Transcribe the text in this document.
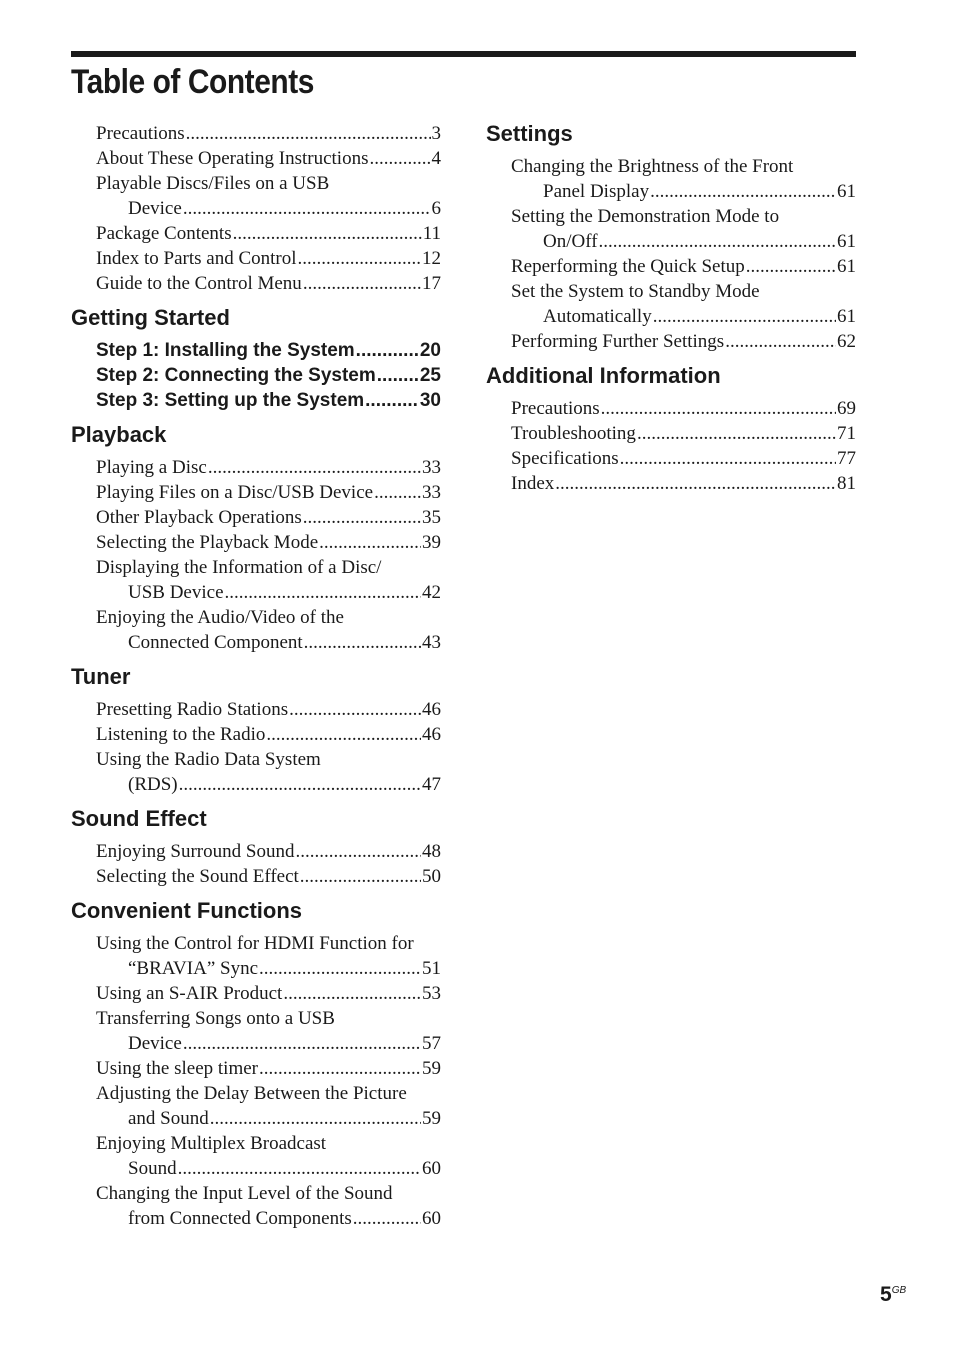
Table of Contents
Precautions .....	3
About These Operating Instructions .....	4
Playable Discs/Files on a USB
Device .....	6
Package Contents .....	11
Index to Parts and Control .....	12
Guide to the Control Menu .....	17
Getting Started
Step 1: Installing the System .....	20
Step 2: Connecting the System ..... 25
Step 3: Setting up the System .....	30
Playback
Playing a Disc .....	33
Playing Files on a Disc/USB Device .....	33
Other Playback Operations .....	35
Selecting the Playback Mode .....	39
Displaying the Information of a Disc/
USB Device .....	42
Enjoying the Audio/Video of the
Connected Component .....	43
Tuner
Presetting Radio Stations .....	46
Listening to the Radio .....	46
Using the Radio Data System
(RDS) .....	47
Sound Effect
Enjoying Surround Sound .....	48
Selecting the Sound Effect .....	50
Convenient Functions
Using the Control for HDMI Function for
“BRAVIA” Sync .....	51
Using an S-AIR Product .....	53
Transferring Songs onto a USB
Device .....	57
Using the sleep timer .....	59
Adjusting the Delay Between the Picture
and Sound .....	59
Enjoying Multiplex Broadcast
Sound .....	60
Changing the Input Level of the Sound
from Connected Components .....	60
Settings
Changing the Brightness of the Front
Panel Display .....	61
Setting the Demonstration Mode to
On/Off .....	61
Reperforming the Quick Setup .....	61
Set the System to Standby Mode
Automatically .....	61
Performing Further Settings .....	62
Additional Information
Precautions .....	69
Troubleshooting .....	71
Specifications .....	77
Index .....	81
$5^{GB}$
